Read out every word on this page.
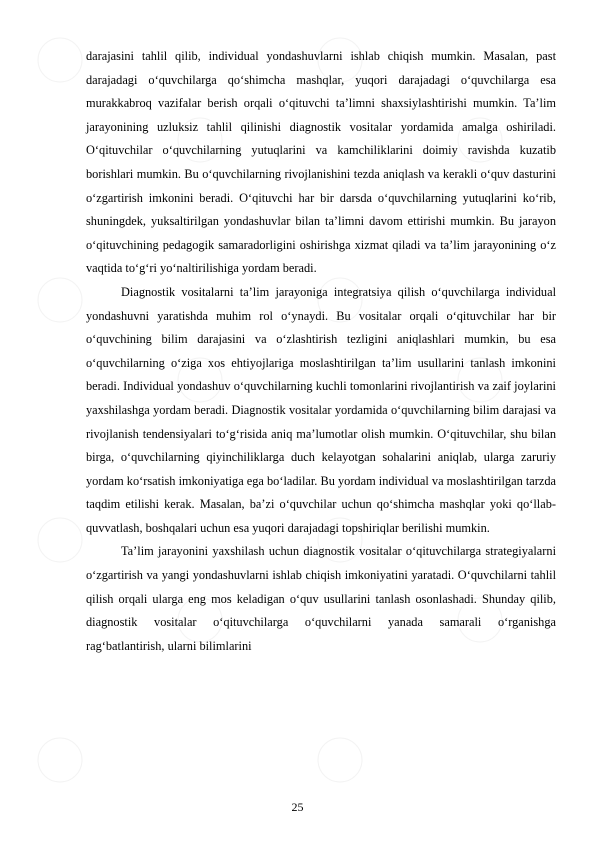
darajasini tahlil qilib, individual yondashuvlarni ishlab chiqish mumkin. Masalan, past darajadagi o‘quvchilarga qo‘shimcha mashqlar, yuqori darajadagi o‘quvchilarga esa murakkabroq vazifalar berish orqali o‘qituvchi ta’limni shaxsiylashtirishi mumkin. Ta’lim jarayonining uzluksiz tahlil qilinishi diagnostik vositalar yordamida amalga oshiriladi. O‘qituvchilar o‘quvchilarning yutuqlarini va kamchiliklarini doimiy ravishda kuzatib borishlari mumkin. Bu o‘quvchilarning rivojlanishini tezda aniqlash va kerakli o‘quv dasturini o‘zgartirish imkonini beradi. O‘qituvchi har bir darsda o‘quvchilarning yutuqlarini ko‘rib, shuningdek, yuksaltirilgan yondashuvlar bilan ta’limni davom ettirishi mumkin. Bu jarayon o‘qituvchining pedagogik samaradorligini oshirishga xizmat qiladi va ta’lim jarayonining o‘z vaqtida to‘g‘ri yo‘naltirilishiga yordam beradi.

Diagnostik vositalarni ta’lim jarayoniga integratsiya qilish o‘quvchilarga individual yondashuvni yaratishda muhim rol o‘ynaydi. Bu vositalar orqali o‘qituvchilar har bir o‘quvchining bilim darajasini va o‘zlashtirish tezligini aniqlashlari mumkin, bu esa o‘quvchilarning o‘ziga xos ehtiyojlariga moslashtirilgan ta’lim usullarini tanlash imkonini beradi. Individual yondashuv o‘quvchilarning kuchli tomonlarini rivojlantirish va zaif joylarini yaxshilashga yordam beradi. Diagnostik vositalar yordamida o‘quvchilarning bilim darajasi va rivojlanish tendensiyalari to‘g‘risida aniq ma’lumotlar olish mumkin. O‘qituvchilar, shu bilan birga, o‘quvchilarning qiyinchiliklarga duch kelayotgan sohalarini aniqlab, ularga zaruriy yordam ko‘rsatish imkoniyatiga ega bo‘ladilar. Bu yordam individual va moslashtirilgan tarzda taqdim etilishi kerak. Masalan, ba’zi o‘quvchilar uchun qo‘shimcha mashqlar yoki qo‘llab-quvvatlash, boshqalari uchun esa yuqori darajadagi topshiriqlar berilishi mumkin.

Ta’lim jarayonini yaxshilash uchun diagnostik vositalar o‘qituvchilarga strategiyalarni o‘zgartirish va yangi yondashuvlarni ishlab chiqish imkoniyatini yaratadi. O‘quvchilarni tahlil qilish orqali ularga eng mos keladigan o‘quv usullarini tanlash osonlashadi. Shunday qilib, diagnostik vositalar o‘qituvchilarga o‘quvchilarni yanada samarali o‘rganishga rag‘batlantirish, ularni bilimlarini

25
